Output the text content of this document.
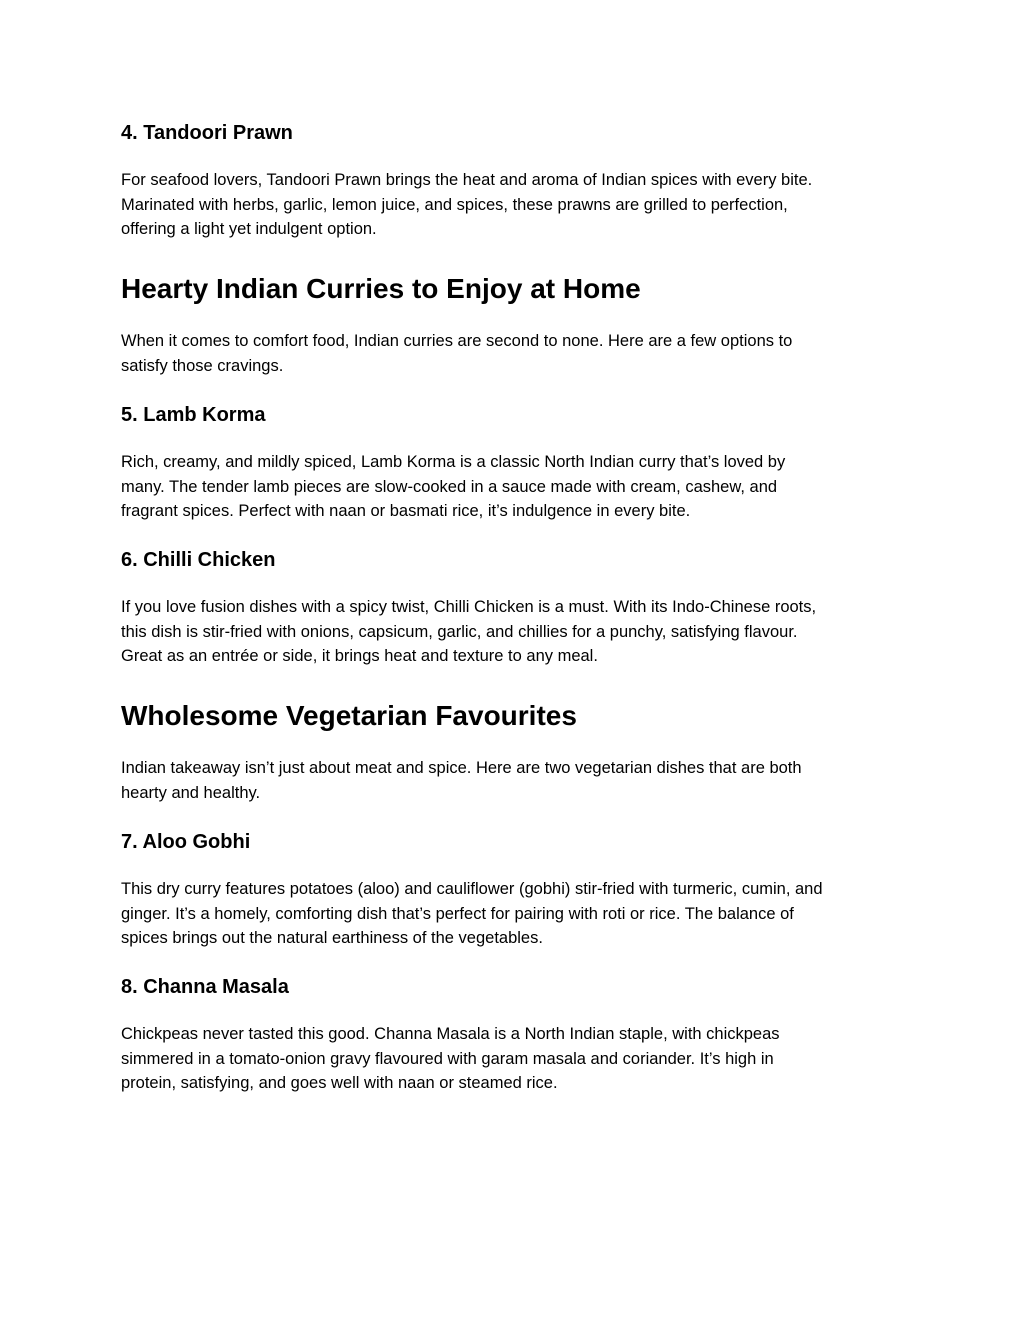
4. Tandoori Prawn

For seafood lovers, Tandoori Prawn brings the heat and aroma of Indian spices with every bite.
Marinated with herbs, garlic, lemon juice, and spices, these prawns are grilled to perfection,
offering a light yet indulgent option.

Hearty Indian Curries to Enjoy at Home

When it comes to comfort food, Indian curries are second to none. Here are a few options to
satisfy those cravings.

5. Lamb Korma

Rich, creamy, and mildly spiced, Lamb Korma is a classic North Indian curry that’s loved by
many. The tender lamb pieces are slow-cooked in a sauce made with cream, cashew, and
fragrant spices. Perfect with naan or basmati rice, it’s indulgence in every bite.

6. Chilli Chicken

If you love fusion dishes with a spicy twist, Chilli Chicken is a must. With its Indo-Chinese roots,
this dish is stir-fried with onions, capsicum, garlic, and chillies for a punchy, satisfying flavour.
Great as an entrée or side, it brings heat and texture to any meal.

Wholesome Vegetarian Favourites

Indian takeaway isn’t just about meat and spice. Here are two vegetarian dishes that are both
hearty and healthy.

7. Aloo Gobhi

This dry curry features potatoes (aloo) and cauliflower (gobhi) stir-fried with turmeric, cumin, and
ginger. It’s a homely, comforting dish that’s perfect for pairing with roti or rice. The balance of
spices brings out the natural earthiness of the vegetables.

8. Channa Masala

Chickpeas never tasted this good. Channa Masala is a North Indian staple, with chickpeas
simmered in a tomato-onion gravy flavoured with garam masala and coriander. It’s high in
protein, satisfying, and goes well with naan or steamed rice.
